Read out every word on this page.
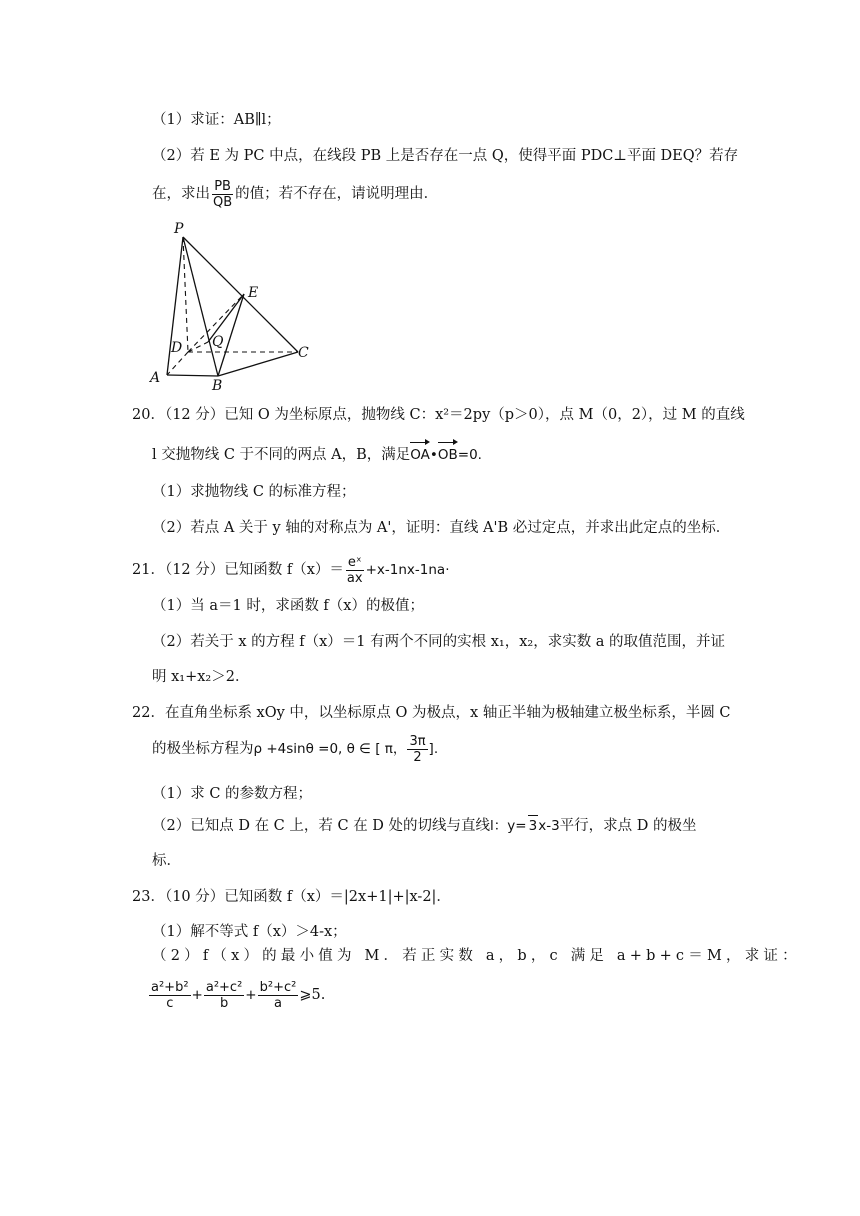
（1）求证：AB∥l；
（2）若 E 为 PC 中点，在线段 PB 上是否存在一点 Q，使得平面 PDC⊥平面 DEQ？若存
在，求出 $\frac{PB}{QB}$ 的值；若不存在，请说明理由．
P
E
D Q
C
A	B
20．（12 分）已知 O 为坐标原点，抛物线 C：x²＝2py（p＞0），点 M（0，2），过 M 的直线
l 交抛物线 C 于不同的两点 A，B，满足OA•OB=0.
（1）求抛物线 C 的标准方程；
（2）若点 A 关于 y 轴的对称点为 A'，证明：直线 A'B 必过定点，并求出此定点的坐标．
21．（12 分）已知函数 $f(x)= \frac{\text{eˣ}}{ax} +x-1nx-1na\cdot$
（1）当 a＝1 时，求函数 f（x）的极值；
（2）若关于 x 的方程 f（x）＝1 有两个不同的实根 x₁，x₂，求实数 a 的取值范围，并证
明 x₁+x₂＞2．
22．在直角坐标系 xOy 中，以坐标原点 O 为极点，x 轴正半轴为极轴建立极坐标系，半圆 C
的极坐标方程为ρ +4sinθ =0, θ ∈ [ π， $\frac{3\pi}{2}$ ].
（1）求 C 的参数方程；
（2）已知点 D 在 C 上，若 C 在 D 处的切线与直线l：y= 3x-3平行，求点 D 的极坐
标．
23．（10 分）已知函数 f（x）＝|2x+1|+|x-2|．
（1）解不等式 f（x）＞4-x；
（2）f（x）的最小值为 M．若正实数 a，b，c 满足 a+b+c＝M，求证：
$\frac{\text{a²+b²}}{c} + \frac{\text{a²+c²}}{b} + \frac{\text{b²+c²}}{a}$ ⩾5.
